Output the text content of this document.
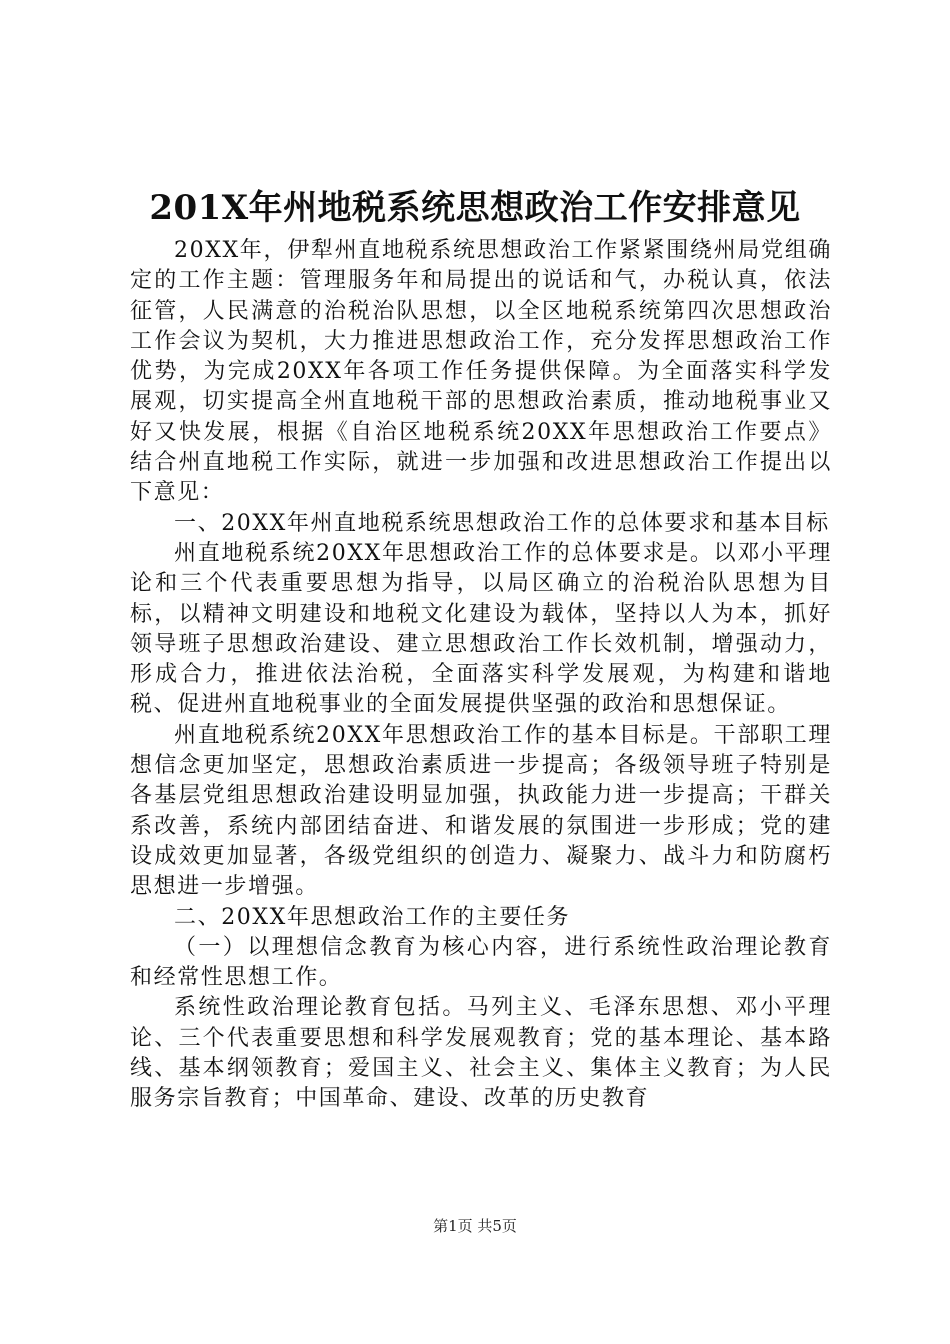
201X年州地税系统思想政治工作安排意见

20XX年，伊犁州直地税系统思想政治工作紧紧围绕州局党组确定的工作主题：管理服务年和局提出的说话和气，办税认真，依法征管，人民满意的治税治队思想，以全区地税系统第四次思想政治工作会议为契机，大力推进思想政治工作，充分发挥思想政治工作优势，为完成20XX年各项工作任务提供保障。为全面落实科学发展观，切实提高全州直地税干部的思想政治素质，推动地税事业又好又快发展，根据《自治区地税系统20XX年思想政治工作要点》结合州直地税工作实际，就进一步加强和改进思想政治工作提出以下意见：

一、20XX年州直地税系统思想政治工作的总体要求和基本目标

州直地税系统20XX年思想政治工作的总体要求是。以邓小平理论和三个代表重要思想为指导，以局区确立的治税治队思想为目标，以精神文明建设和地税文化建设为载体，坚持以人为本，抓好领导班子思想政治建设、建立思想政治工作长效机制，增强动力，形成合力，推进依法治税，全面落实科学发展观，为构建和谐地税、促进州直地税事业的全面发展提供坚强的政治和思想保证。

州直地税系统20XX年思想政治工作的基本目标是。干部职工理想信念更加坚定，思想政治素质进一步提高；各级领导班子特别是各基层党组思想政治建设明显加强，执政能力进一步提高；干群关系改善，系统内部团结奋进、和谐发展的氛围进一步形成；党的建设成效更加显著，各级党组织的创造力、凝聚力、战斗力和防腐朽思想进一步增强。

二、20XX年思想政治工作的主要任务

（一）以理想信念教育为核心内容，进行系统性政治理论教育和经常性思想工作。

系统性政治理论教育包括。马列主义、毛泽东思想、邓小平理论、三个代表重要思想和科学发展观教育；党的基本理论、基本路线、基本纲领教育；爱国主义、社会主义、集体主义教育；为人民服务宗旨教育；中国革命、建设、改革的历史教育

第1页 共5页
